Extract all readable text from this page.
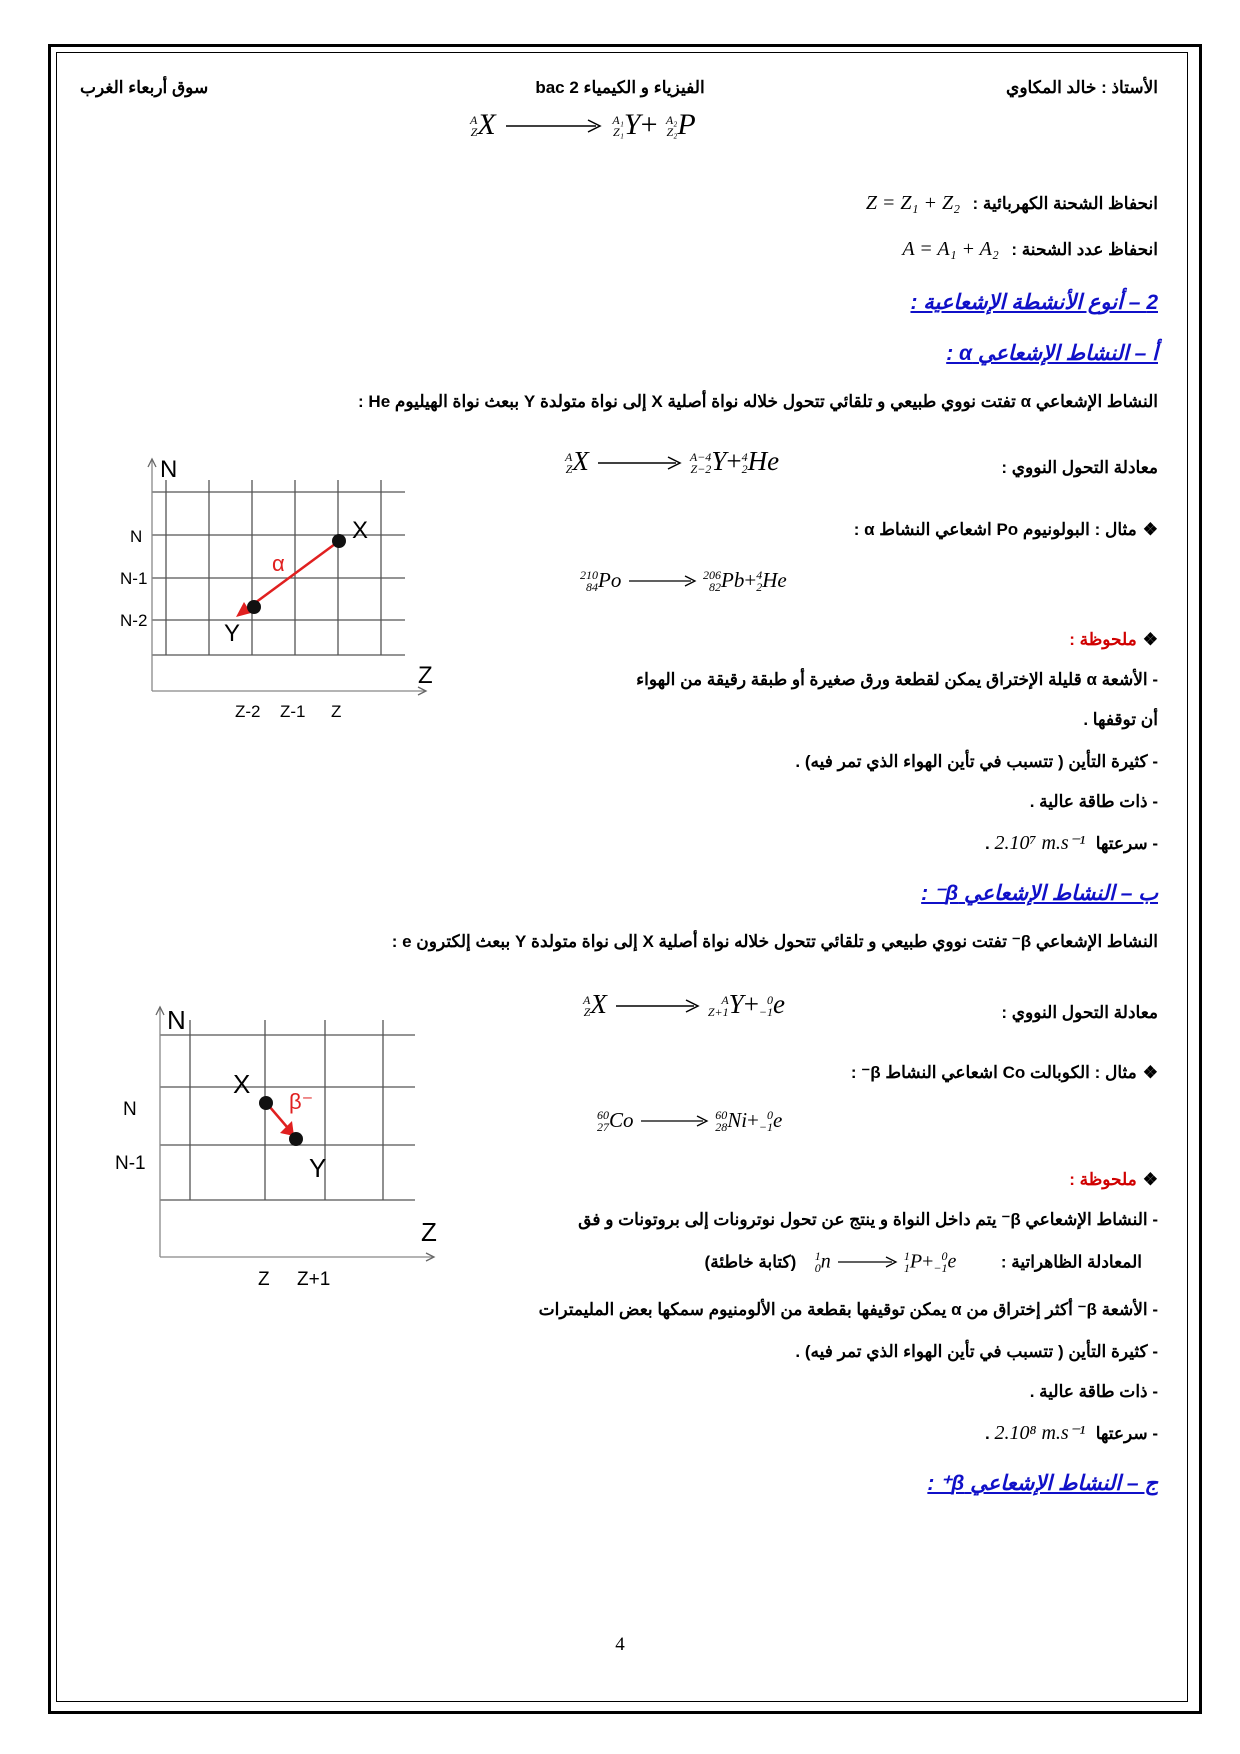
الأستاذ : خالد المكاوي
الفيزياء و الكيمياء 2 bac
سوق أربعاء الغرب
A
Z X	A₁
Z₁ Y+ A₂
Z₂ P
انحفاظ الشحنة الكهربائية : Z = Z₁ + Z₂
انحفاظ عدد الشحنة : A = A₁ + A₂
2 – أنوع الأنشطة الإشعاعية :
أ – النشاط الإشعاعي α :
النشاط الإشعاعي α تفتت نووي طبيعي و تلقائي تتحول خلاله نواة أصلية X إلى نواة متولدة Y ببعث نواة الهيليوم He :
معادلة التحول النووي :
A
Z X	A−4
Z−2 Y+ 4
2 He
❖مثال : البولونيوم Po اشعاعي النشاط α :
210
84 Po	206
82 Pb+ 4
2 He
❖ملحوظة :
- الأشعة α قليلة الإختراق يمكن لقطعة ورق صغيرة أو طبقة رقيقة من الهواء
أن توقفها .
- كثيرة التأين ( تتسبب في تأين الهواء الذي تمر فيه) .
- ذات طاقة عالية .
- سرعتها 2.10⁷ m.s⁻¹ .
N
Z
N
N-1
N-2
Z-2 Z-1 Z
X
Y
α
ب – النشاط الإشعاعي β⁻ :
النشاط الإشعاعي β⁻ تفتت نووي طبيعي و تلقائي تتحول خلاله نواة أصلية X إلى نواة متولدة Y ببعث إلكترون e :
معادلة التحول النووي :
A
Z X	A
Z+1 Y+ 0
−1 e
❖مثال : الكوبالت Co اشعاعي النشاط β⁻ :
60
27 Co	60
28 Ni+ 0
−1 e
❖ملحوظة :
- النشاط الإشعاعي β⁻ يتم داخل النواة و ينتج عن تحول نوترونات إلى بروتونات و فق
المعادلة الظاهراتية :
1
0 n	1
1 P+ 0
−1 e (كتابة خاطئة)
- الأشعة β⁻ أكثر إختراق من α يمكن توقيفها بقطعة من الألومنيوم سمكها بعض المليمترات
- كثيرة التأين ( تتسبب في تأين الهواء الذي تمر فيه) .
- ذات طاقة عالية .
- سرعتها 2.10⁸ m.s⁻¹ .
N
Z
N
N-1
Z Z+1
X
Y
β⁻
ج – النشاط الإشعاعي β⁺ :
4
